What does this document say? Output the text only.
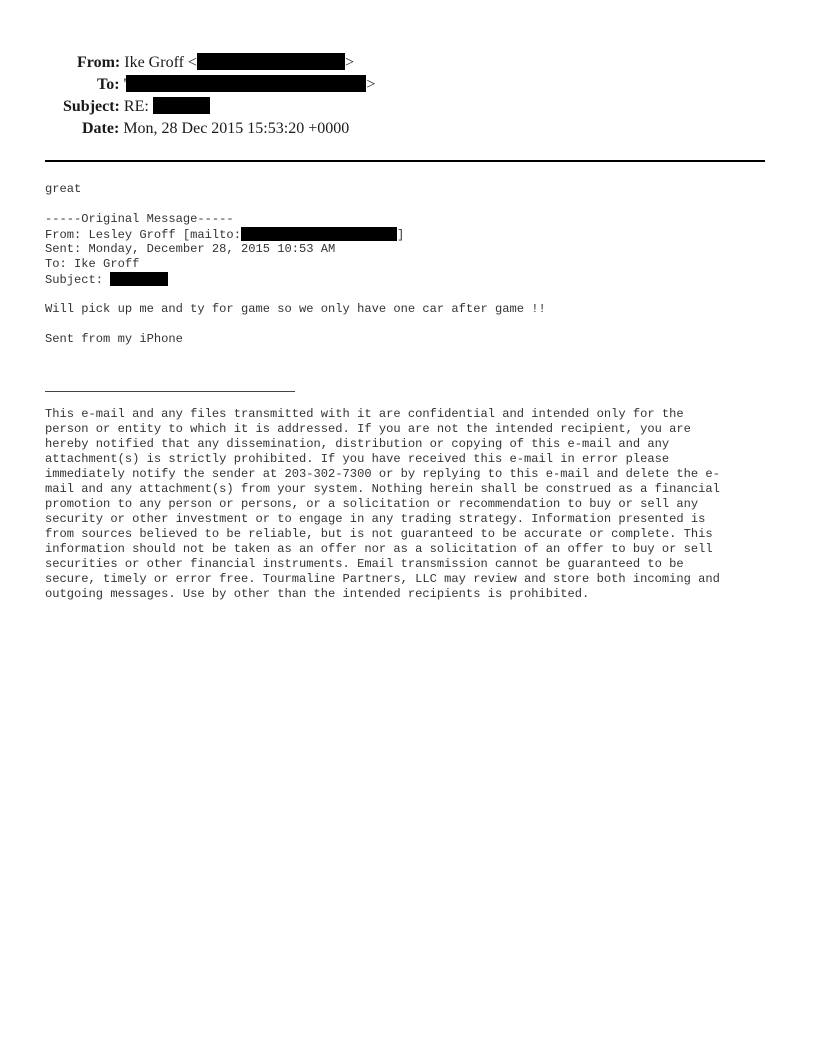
From: Ike Groff <	>
To: '	>
Subject: RE:
Date: Mon, 28 Dec 2015 15:53:20 +0000
great
-----Original Message-----
From: Lesley Groff [mailto:	]
Sent: Monday, December 28, 2015 10:53 AM
To: Ike Groff
Subject:
Will pick up me and ty for game so we only have one car after game !!
Sent from my iPhone
This e-mail and any files transmitted with it are confidential and intended only for the
person or entity to which it is addressed. If you are not the intended recipient, you are
hereby notified that any dissemination, distribution or copying of this e-mail and any
attachment(s) is strictly prohibited. If you have received this e-mail in error please
immediately notify the sender at 203-302-7300 or by replying to this e-mail and delete the e-
mail and any attachment(s) from your system. Nothing herein shall be construed as a financial
promotion to any person or persons, or a solicitation or recommendation to buy or sell any
security or other investment or to engage in any trading strategy. Information presented is
from sources believed to be reliable, but is not guaranteed to be accurate or complete. This
information should not be taken as an offer nor as a solicitation of an offer to buy or sell
securities or other financial instruments. Email transmission cannot be guaranteed to be
secure, timely or error free. Tourmaline Partners, LLC may review and store both incoming and
outgoing messages. Use by other than the intended recipients is prohibited.
